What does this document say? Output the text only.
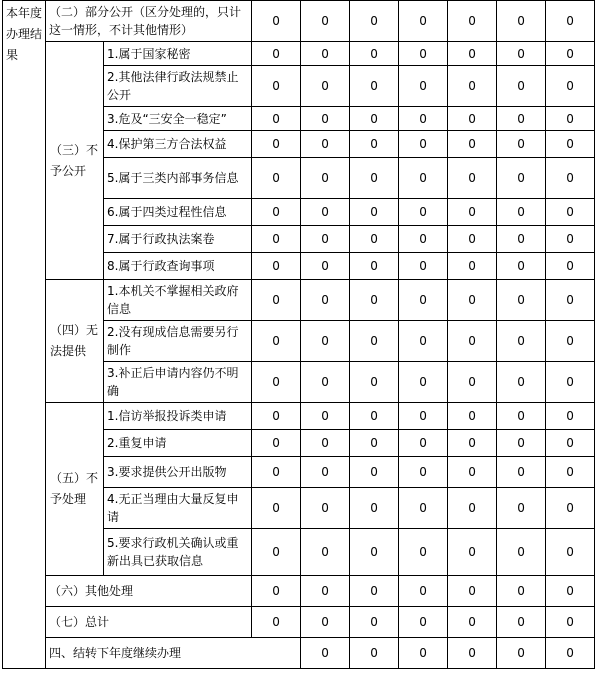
本年度办理结果	（二）部分公开（区分处理的，只计这一情形，不计其他情形）		0	0	0	0	0	0	0	
	（三）不予公开	1.属于国家秘密	0	0	0	0	0	0	0	
		2.其他法律行政法规禁止公开	0	0	0	0	0	0	0	
		3.危及“三安全一稳定”	0	0	0	0	0	0	0	
		4.保护第三方合法权益	0	0	0	0	0	0	0	
		5.属于三类内部事务信息	0	0	0	0	0	0	0	
		6.属于四类过程性信息	0	0	0	0	0	0	0	
		7.属于行政执法案卷	0	0	0	0	0	0	0	
		8.属于行政查询事项	0	0	0	0	0	0	0	
	（四）无法提供	1.本机关不掌握相关政府信息	0	0	0	0	0	0	0	
		2.没有现成信息需要另行制作	0	0	0	0	0	0	0	
		3.补正后申请内容仍不明确	0	0	0	0	0	0	0	
	（五）不予处理	1.信访举报投诉类申请	0	0	0	0	0	0	0	
		2.重复申请	0	0	0	0	0	0	0	
		3.要求提供公开出版物	0	0	0	0	0	0	0	
		4.无正当理由大量反复申请	0	0	0	0	0	0	0	
		5.要求行政机关确认或重新出具已获取信息	0	0	0	0	0	0	0	
	（六）其他处理		0	0	0	0	0	0	0	
	（七）总计		0	0	0	0	0	0	0	
	四、结转下年度继续办理			0	0	0	0	0	0	
